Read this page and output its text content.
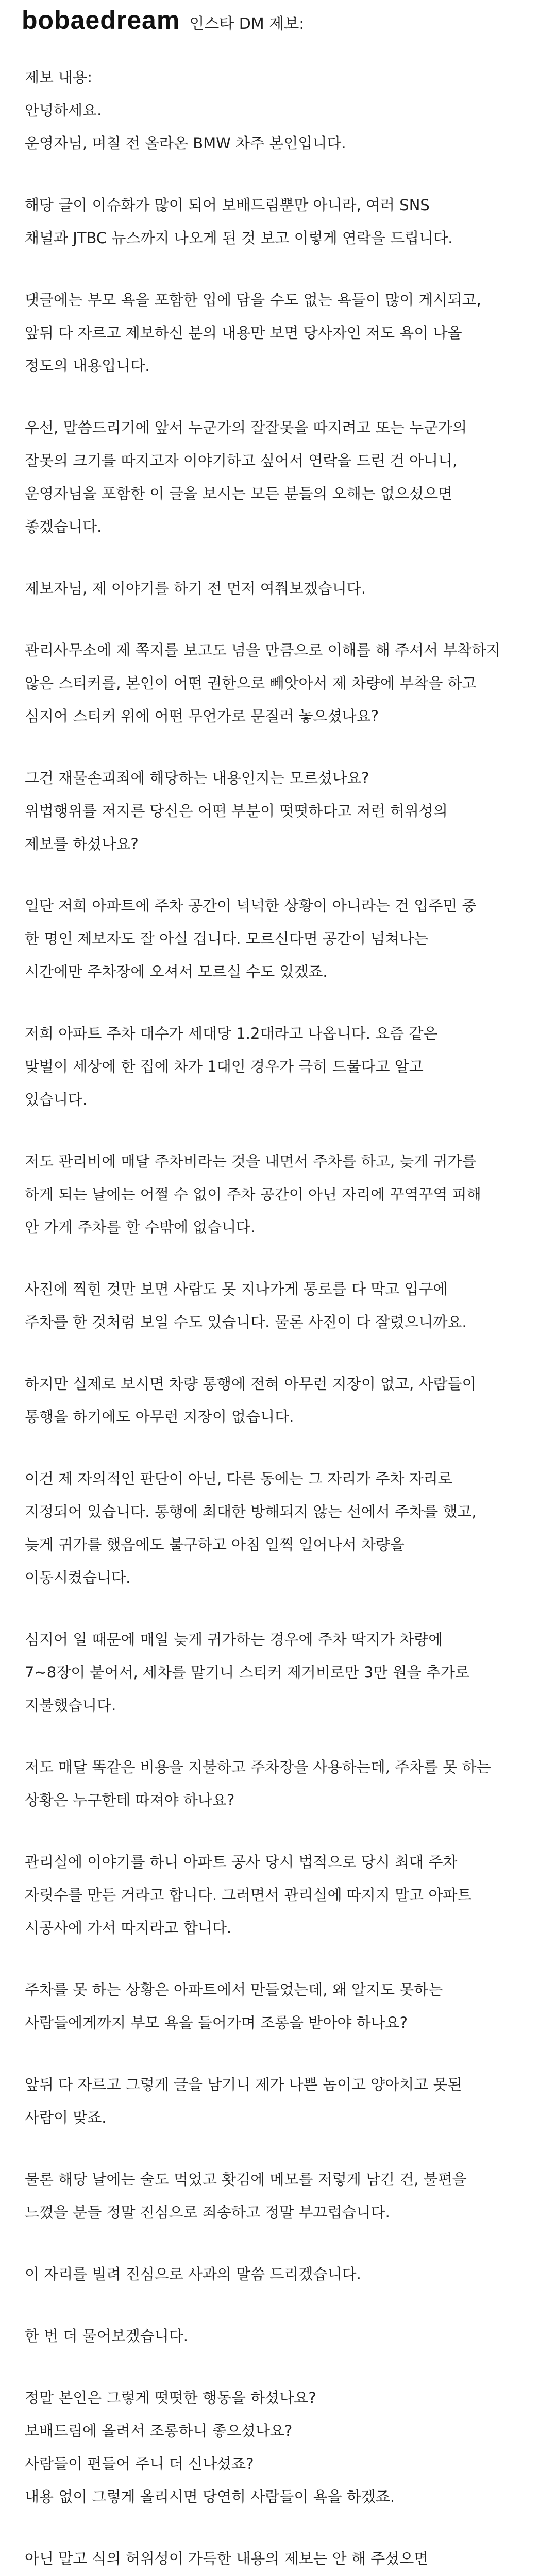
bobaedream 인스타 DM 제보:

제보 내용:

안녕하세요.

운영자님, 며칠 전 올라온 BMW 차주 본인입니다.

해당 글이 이슈화가 많이 되어 보배드림뿐만 아니라, 여러 SNS

채널과 JTBC 뉴스까지 나오게 된 것 보고 이렇게 연락을 드립니다.

댓글에는 부모 욕을 포함한 입에 담을 수도 없는 욕들이 많이 게시되고,

앞뒤 다 자르고 제보하신 분의 내용만 보면 당사자인 저도 욕이 나올

정도의 내용입니다.

우선, 말씀드리기에 앞서 누군가의 잘잘못을 따지려고 또는 누군가의

잘못의 크기를 따지고자 이야기하고 싶어서 연락을 드린 건 아니니,

운영자님을 포함한 이 글을 보시는 모든 분들의 오해는 없으셨으면

좋겠습니다.

제보자님, 제 이야기를 하기 전 먼저 여쭤보겠습니다.

관리사무소에 제 쪽지를 보고도 넘을 만큼으로 이해를 해 주셔서 부착하지

않은 스티커를, 본인이 어떤 권한으로 빼앗아서 제 차량에 부착을 하고

심지어 스티커 위에 어떤 무언가로 문질러 놓으셨나요?

그건 재물손괴죄에 해당하는 내용인지는 모르셨나요?

위법행위를 저지른 당신은 어떤 부분이 떳떳하다고 저런 허위성의

제보를 하셨나요?

일단 저희 아파트에 주차 공간이 넉넉한 상황이 아니라는 건 입주민 중

한 명인 제보자도 잘 아실 겁니다. 모르신다면 공간이 넘쳐나는

시간에만 주차장에 오셔서 모르실 수도 있겠죠.

저희 아파트 주차 대수가 세대당 1.2대라고 나옵니다. 요즘 같은

맞벌이 세상에 한 집에 차가 1대인 경우가 극히 드물다고 알고

있습니다.

저도 관리비에 매달 주차비라는 것을 내면서 주차를 하고, 늦게 귀가를

하게 되는 날에는 어쩔 수 없이 주차 공간이 아닌 자리에 꾸역꾸역 피해

안 가게 주차를 할 수밖에 없습니다.

사진에 찍힌 것만 보면 사람도 못 지나가게 통로를 다 막고 입구에

주차를 한 것처럼 보일 수도 있습니다. 물론 사진이 다 잘렸으니까요.

하지만 실제로 보시면 차량 통행에 전혀 아무런 지장이 없고, 사람들이

통행을 하기에도 아무런 지장이 없습니다.

이건 제 자의적인 판단이 아닌, 다른 동에는 그 자리가 주차 자리로

지정되어 있습니다. 통행에 최대한 방해되지 않는 선에서 주차를 했고,

늦게 귀가를 했음에도 불구하고 아침 일찍 일어나서 차량을

이동시켰습니다.

심지어 일 때문에 매일 늦게 귀가하는 경우에 주차 딱지가 차량에

7~8장이 붙어서, 세차를 맡기니 스티커 제거비로만 3만 원을 추가로

지불했습니다.

저도 매달 똑같은 비용을 지불하고 주차장을 사용하는데, 주차를 못 하는

상황은 누구한테 따져야 하나요?

관리실에 이야기를 하니 아파트 공사 당시 법적으로 당시 최대 주차

자릿수를 만든 거라고 합니다. 그러면서 관리실에 따지지 말고 아파트

시공사에 가서 따지라고 합니다.

주차를 못 하는 상황은 아파트에서 만들었는데, 왜 알지도 못하는

사람들에게까지 부모 욕을 들어가며 조롱을 받아야 하나요?

앞뒤 다 자르고 그렇게 글을 남기니 제가 나쁜 놈이고 양아치고 못된

사람이 맞죠.

물론 해당 날에는 술도 먹었고 홧김에 메모를 저렇게 남긴 건, 불편을

느꼈을 분들 정말 진심으로 죄송하고 정말 부끄럽습니다.

이 자리를 빌려 진심으로 사과의 말씀 드리겠습니다.

한 번 더 물어보겠습니다.

정말 본인은 그렇게 떳떳한 행동을 하셨나요?

보배드림에 올려서 조롱하니 좋으셨나요?

사람들이 편들어 주니 더 신나셨죠?

내용 없이 그렇게 올리시면 당연히 사람들이 욕을 하겠죠.

아닌 말고 식의 허위성이 가득한 내용의 제보는 안 해 주셨으면
